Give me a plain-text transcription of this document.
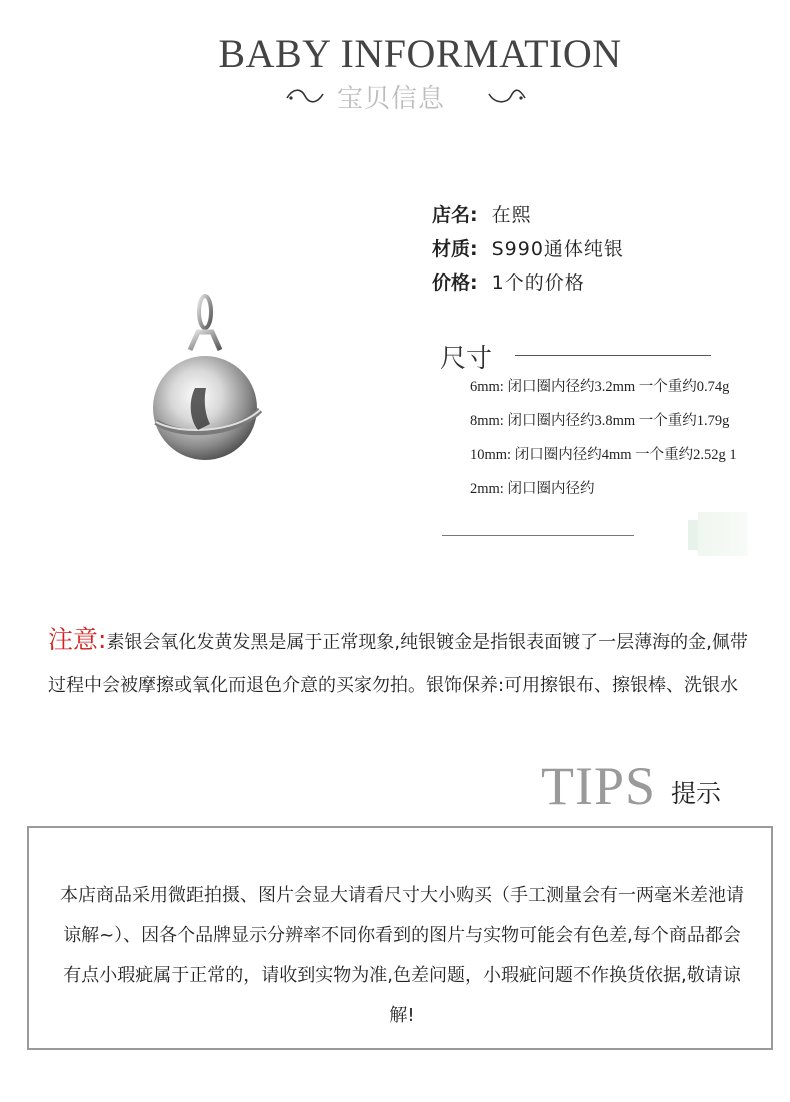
BABY INFORMATION
宝贝信息
店名: 在熙
材质: S990通体纯银
价格: 1个的价格
尺寸
6mm: 闭口圈内径约3.2mm 一个重约0.74g 8mm: 闭口圈内径约3.8mm 一个重约1.79g 10mm: 闭口圈内径约4mm 一个重约2.52g 12mm: 闭口圈内径约
注意:素银会氧化发黄发黑是属于正常现象,纯银镀金是指银表面镀了一层薄海的金,佩带过程中会被摩擦或氧化而退色介意的买家勿拍。银饰保养:可用擦银布、擦银棒、洗银水
TIPS 提示
本店商品采用微距拍摄、图片会显大请看尺寸大小购买（手工测量会有一两毫米差池请谅解~）、因各个品牌显示分辨率不同你看到的图片与实物可能会有色差,每个商品都会有点小瑕疵属于正常的，请收到实物为准,色差问题，小瑕疵问题不作换货依据,敬请谅解!
